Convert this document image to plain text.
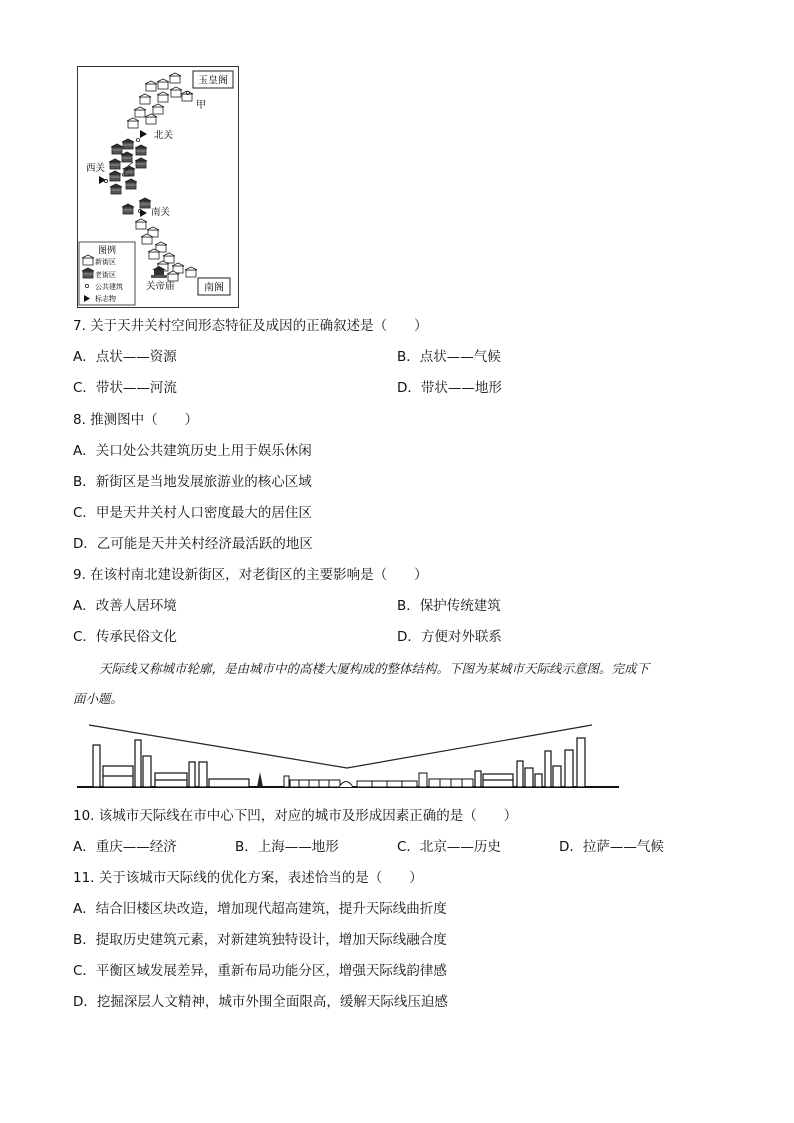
玉皇阁
甲
北关
西关 乙
南关
关帝庙	南阁
图例
新街区
老街区
公共建筑
标志物
7. 关于天井关村空间形态特征及成因的正确叙述是（　　）
A．点状——资源	B．点状——气候
C．带状——河流	D．带状——地形
8. 推测图中（　　）
A．关口处公共建筑历史上用于娱乐休闲
B．新街区是当地发展旅游业的核心区域
C．甲是天井关村人口密度最大的居住区
D．乙可能是天井关村经济最活跃的地区
9. 在该村南北建设新街区，对老街区的主要影响是（　　）
A．改善人居环境	B．保护传统建筑
C．传承民俗文化	D．方便对外联系
天际线又称城市轮廓，是由城市中的高楼大厦构成的整体结构。下图为某城市天际线示意图。完成下
面小题。
10. 该城市天际线在市中心下凹，对应的城市及形成因素正确的是（　　）
A．重庆——经济	B．上海——地形	C．北京——历史	D．拉萨——气候
11. 关于该城市天际线的优化方案，表述恰当的是（　　）
A．结合旧楼区块改造，增加现代超高建筑，提升天际线曲折度
B．提取历史建筑元素，对新建筑独特设计，增加天际线融合度
C．平衡区域发展差异，重新布局功能分区，增强天际线韵律感
D．挖掘深层人文精神，城市外围全面限高，缓解天际线压迫感
